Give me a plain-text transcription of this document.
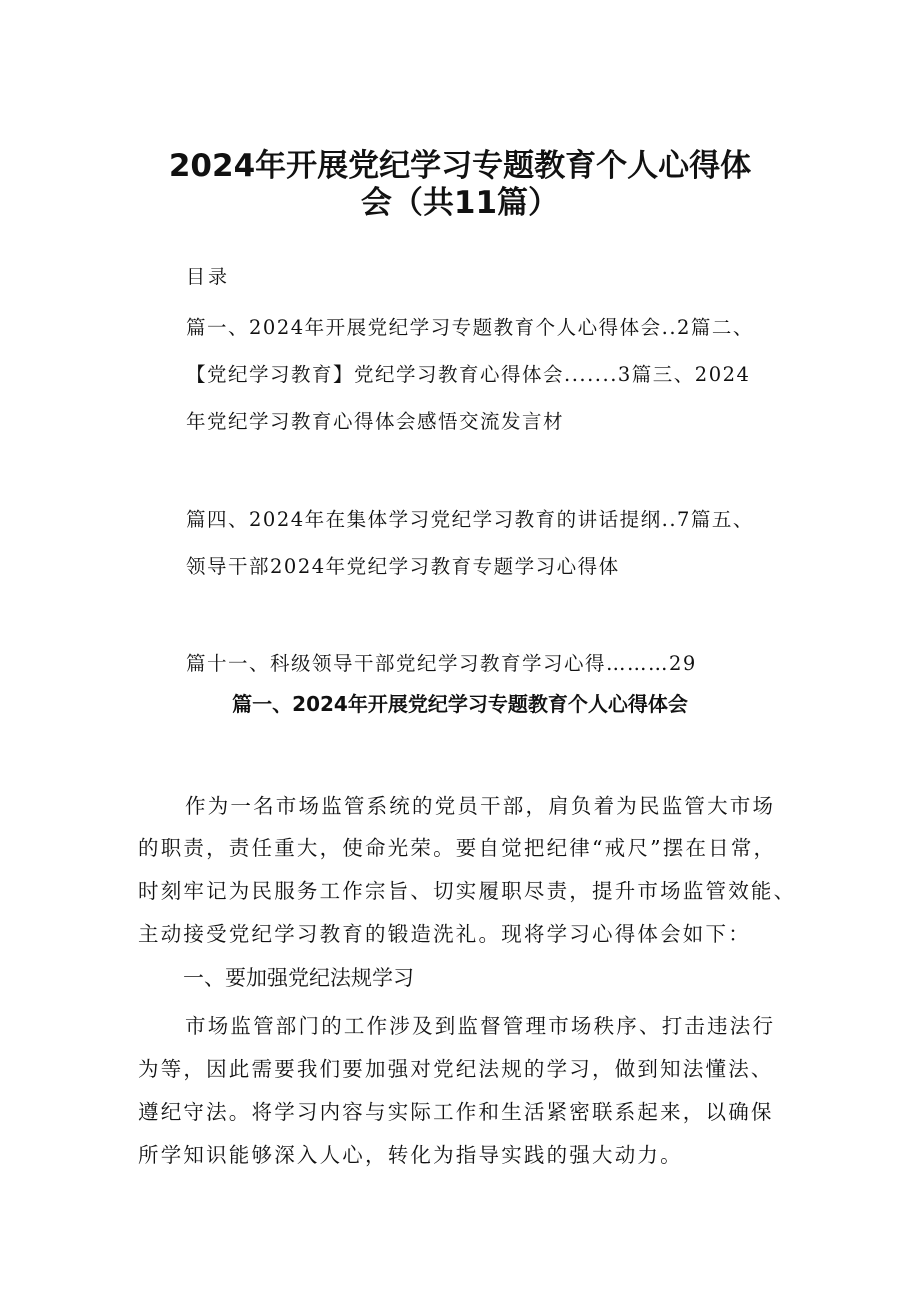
2024年开展党纪学习专题教育个人心得体
会（共11篇）
目录
篇一、2024年开展党纪学习专题教育个人心得体会..2篇二、
【党纪学习教育】党纪学习教育心得体会.......3篇三、2024
年党纪学习教育心得体会感悟交流发言材
篇四、2024年在集体学习党纪学习教育的讲话提纲..7篇五、
领导干部2024年党纪学习教育专题学习心得体
篇十一、科级领导干部党纪学习教育学习心得………29
篇一、2024年开展党纪学习专题教育个人心得体会
作为一名市场监管系统的党员干部，肩负着为民监管大市场
的职责，责任重大，使命光荣。要自觉把纪律“戒尺”摆在日常，
时刻牢记为民服务工作宗旨、切实履职尽责，提升市场监管效能、
主动接受党纪学习教育的锻造洗礼。现将学习心得体会如下：
一、要加强党纪法规学习
市场监管部门的工作涉及到监督管理市场秩序、打击违法行
为等，因此需要我们要加强对党纪法规的学习，做到知法懂法、
遵纪守法。将学习内容与实际工作和生活紧密联系起来，以确保
所学知识能够深入人心，转化为指导实践的强大动力。
